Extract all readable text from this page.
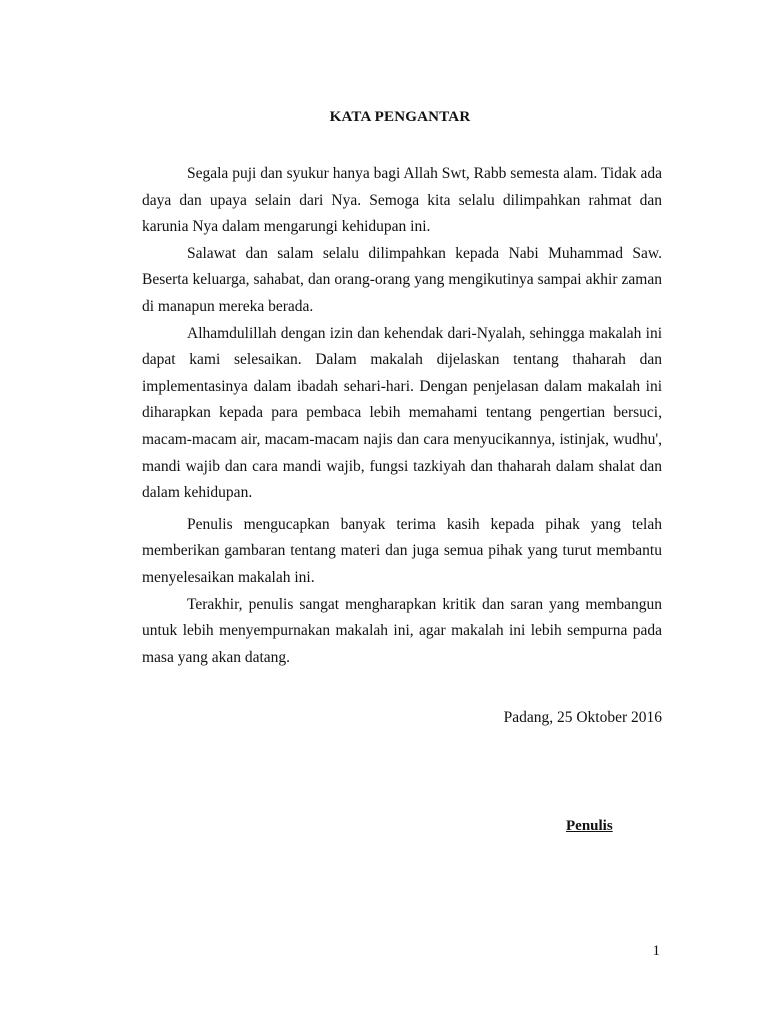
KATA PENGANTAR

Segala puji dan syukur hanya bagi Allah Swt, Rabb semesta alam. Tidak ada daya dan upaya selain dari Nya. Semoga kita selalu dilimpahkan rahmat dan karunia Nya dalam mengarungi kehidupan ini.

Salawat dan salam selalu dilimpahkan kepada Nabi Muhammad Saw. Beserta keluarga, sahabat, dan orang-orang yang mengikutinya sampai akhir zaman di manapun mereka berada.

Alhamdulillah dengan izin dan kehendak dari-Nyalah, sehingga makalah ini dapat kami selesaikan. Dalam makalah dijelaskan tentang thaharah dan implementasinya dalam ibadah sehari-hari. Dengan penjelasan dalam makalah ini diharapkan kepada para pembaca lebih memahami tentang pengertian bersuci, macam-macam air, macam-macam najis dan cara menyucikannya, istinjak, wudhu', mandi wajib dan cara mandi wajib, fungsi tazkiyah dan thaharah dalam shalat dan dalam kehidupan.

Penulis mengucapkan banyak terima kasih kepada pihak yang telah memberikan gambaran tentang materi dan juga semua pihak yang turut membantu menyelesaikan makalah ini.

Terakhir, penulis sangat mengharapkan kritik dan saran yang membangun untuk lebih menyempurnakan makalah ini, agar makalah ini lebih sempurna pada masa yang akan datang.

Padang, 25 Oktober 2016
Penulis
1
